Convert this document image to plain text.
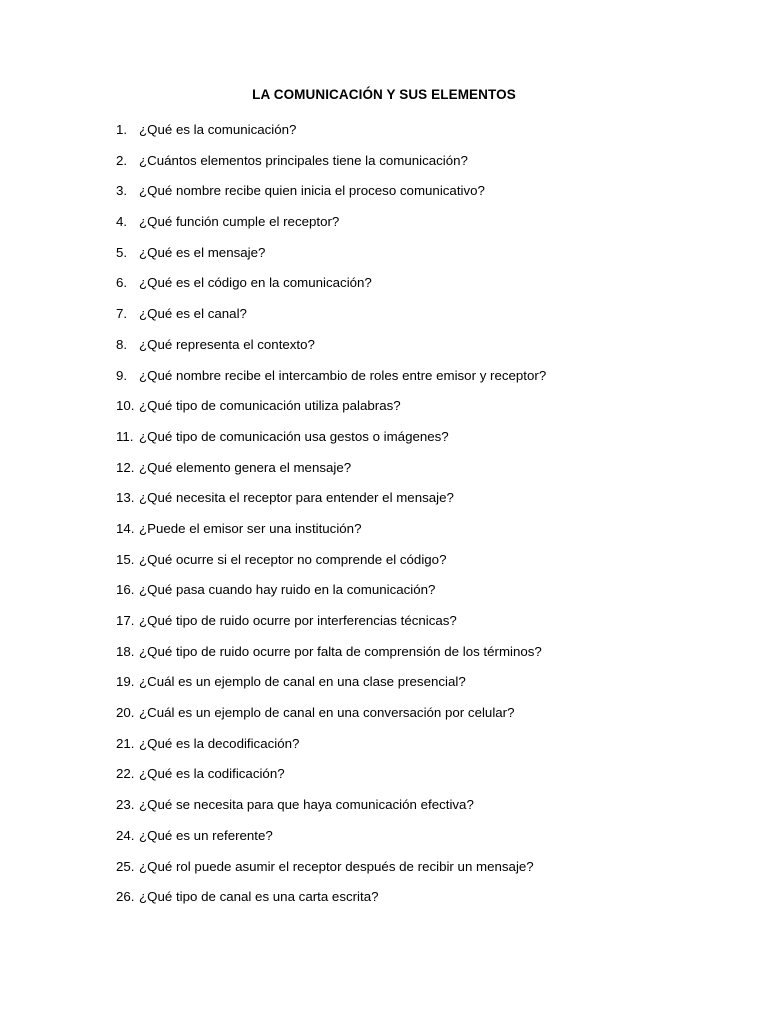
LA COMUNICACIÓN Y SUS ELEMENTOS
1. ¿Qué es la comunicación?
2. ¿Cuántos elementos principales tiene la comunicación?
3. ¿Qué nombre recibe quien inicia el proceso comunicativo?
4. ¿Qué función cumple el receptor?
5. ¿Qué es el mensaje?
6. ¿Qué es el código en la comunicación?
7. ¿Qué es el canal?
8. ¿Qué representa el contexto?
9. ¿Qué nombre recibe el intercambio de roles entre emisor y receptor?
10. ¿Qué tipo de comunicación utiliza palabras?
11. ¿Qué tipo de comunicación usa gestos o imágenes?
12. ¿Qué elemento genera el mensaje?
13. ¿Qué necesita el receptor para entender el mensaje?
14. ¿Puede el emisor ser una institución?
15. ¿Qué ocurre si el receptor no comprende el código?
16. ¿Qué pasa cuando hay ruido en la comunicación?
17. ¿Qué tipo de ruido ocurre por interferencias técnicas?
18. ¿Qué tipo de ruido ocurre por falta de comprensión de los términos?
19. ¿Cuál es un ejemplo de canal en una clase presencial?
20. ¿Cuál es un ejemplo de canal en una conversación por celular?
21. ¿Qué es la decodificación?
22. ¿Qué es la codificación?
23. ¿Qué se necesita para que haya comunicación efectiva?
24. ¿Qué es un referente?
25. ¿Qué rol puede asumir el receptor después de recibir un mensaje?
26. ¿Qué tipo de canal es una carta escrita?
